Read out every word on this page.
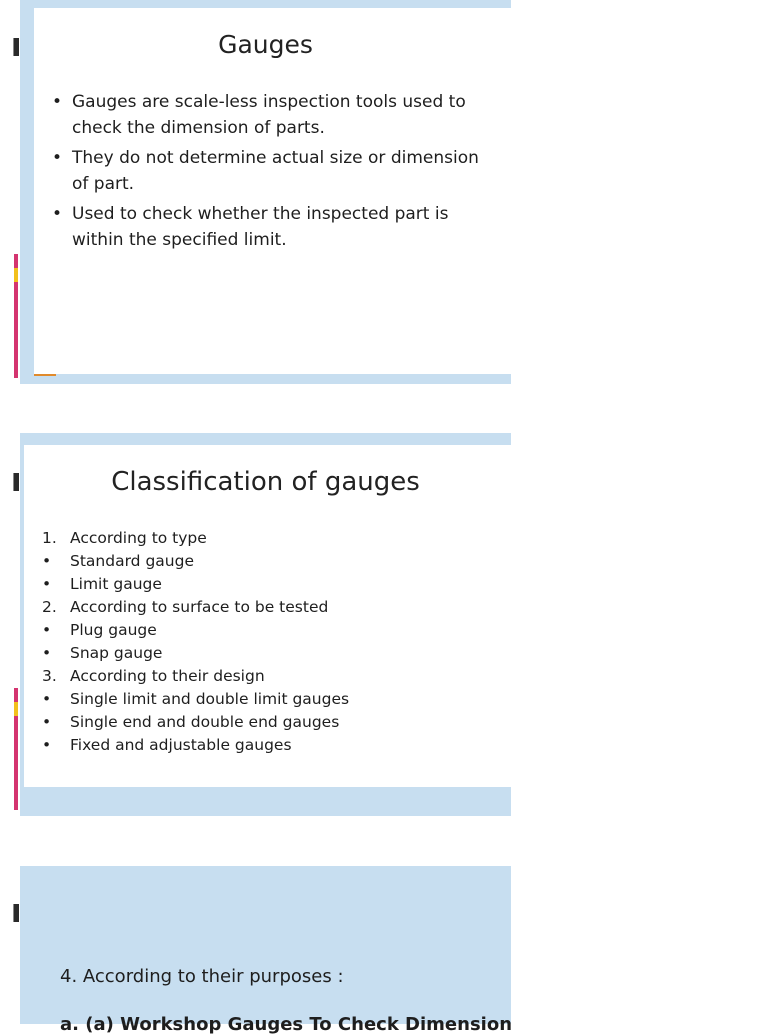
Gauges
• Gauges are scale-less inspection tools used to check the dimension of parts.
• They do not determine actual size or dimension of part.
• Used to check whether the inspected part is within the specified limit.
Classification of gauges
1. According to type
•	Standard gauge
•	Limit gauge
2. According to surface to be tested
•	Plug gauge
•	Snap gauge
3. According to their design
•	Single limit and double limit gauges
•	Single end and double end gauges
•	Fixed and adjustable gauges
4. According to their purposes :
a. (a) Workshop Gauges To Check Dimension
